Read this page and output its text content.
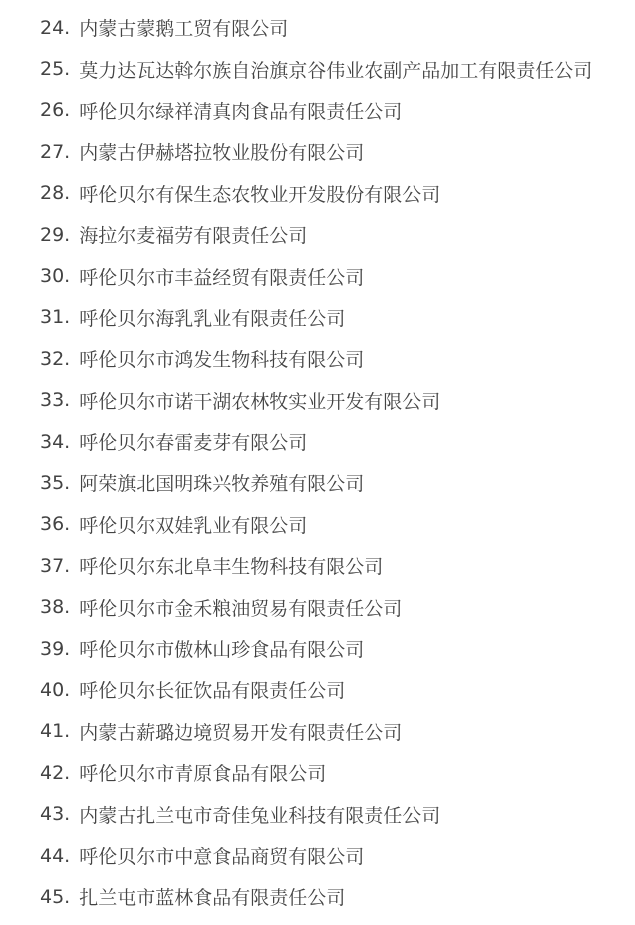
24. 内蒙古蒙鹅工贸有限公司
25. 莫力达瓦达斡尔族自治旗京谷伟业农副产品加工有限责任公司
26. 呼伦贝尔绿祥清真肉食品有限责任公司
27. 内蒙古伊赫塔拉牧业股份有限公司
28. 呼伦贝尔有保生态农牧业开发股份有限公司
29. 海拉尔麦福劳有限责任公司
30. 呼伦贝尔市丰益经贸有限责任公司
31. 呼伦贝尔海乳乳业有限责任公司
32. 呼伦贝尔市鸿发生物科技有限公司
33. 呼伦贝尔市诺干湖农林牧实业开发有限公司
34. 呼伦贝尔春雷麦芽有限公司
35. 阿荣旗北国明珠兴牧养殖有限公司
36. 呼伦贝尔双娃乳业有限公司
37. 呼伦贝尔东北阜丰生物科技有限公司
38. 呼伦贝尔市金禾粮油贸易有限责任公司
39. 呼伦贝尔市傲林山珍食品有限公司
40. 呼伦贝尔长征饮品有限责任公司
41. 内蒙古薪璐边境贸易开发有限责任公司
42. 呼伦贝尔市青原食品有限公司
43. 内蒙古扎兰屯市奇佳兔业科技有限责任公司
44. 呼伦贝尔市中意食品商贸有限公司
45. 扎兰屯市蓝林食品有限责任公司
